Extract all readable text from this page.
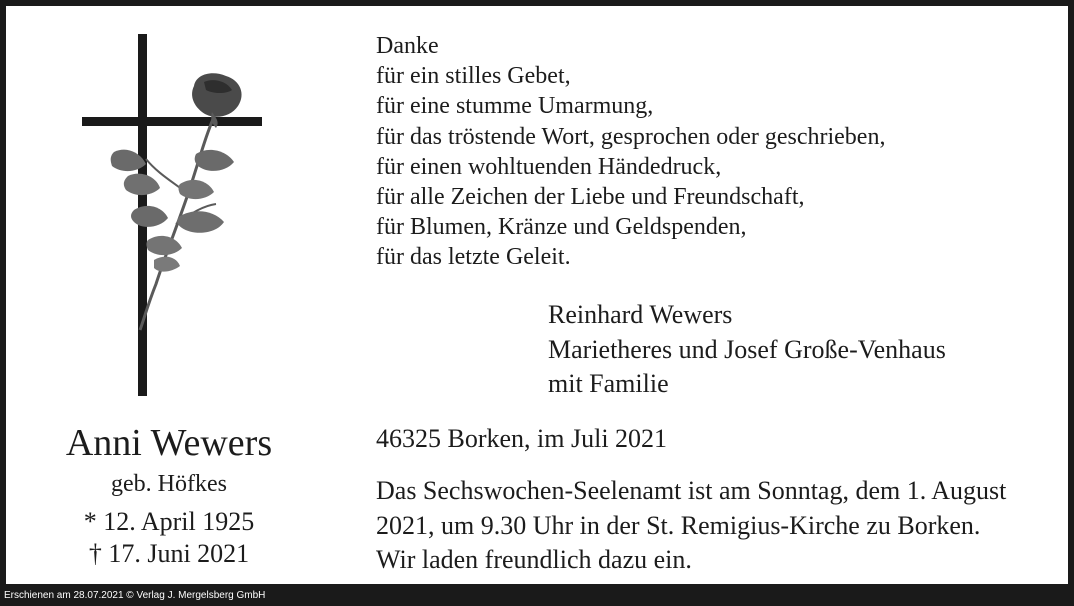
Anni Wewers
geb. Höfkes
* 12. April 1925
† 17. Juni 2021
Danke
für ein stilles Gebet,
für eine stumme Umarmung,
für das tröstende Wort, gesprochen oder geschrieben,
für einen wohltuenden Händedruck,
für alle Zeichen der Liebe und Freundschaft,
für Blumen, Kränze und Geldspenden,
für das letzte Geleit.
Reinhard Wewers
Marietheres und Josef Große-Venhaus
mit Familie
46325 Borken, im Juli 2021
Das Sechswochen-Seelenamt ist am Sonntag, dem 1. August
2021, um 9.30 Uhr in der St. Remigius-Kirche zu Borken.
Wir laden freundlich dazu ein.
Erschienen am 28.07.2021 © Verlag J. Mergelsberg GmbH
